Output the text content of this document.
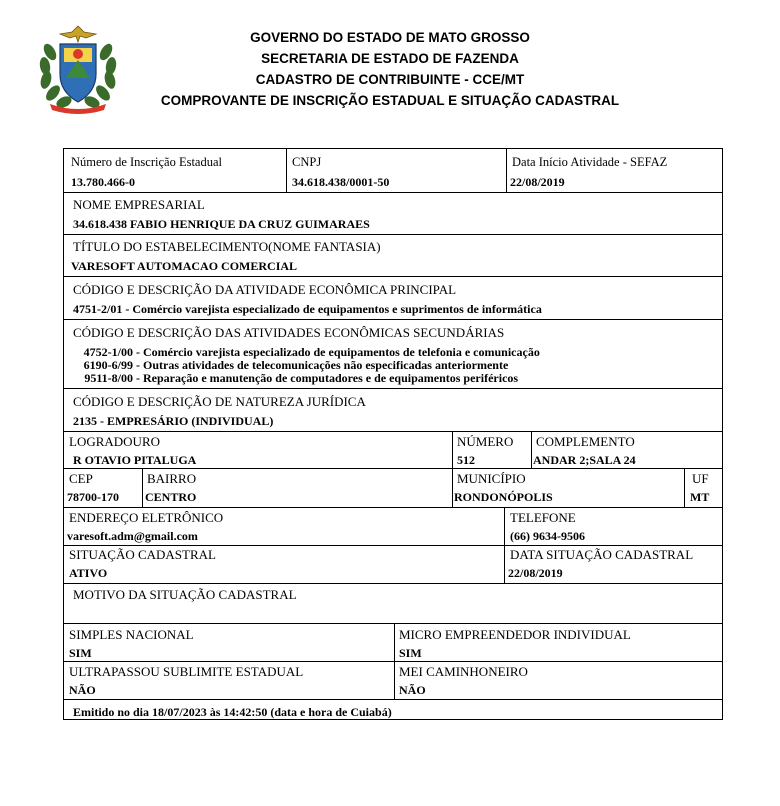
GOVERNO DO ESTADO DE MATO GROSSO
SECRETARIA DE ESTADO DE FAZENDA
CADASTRO DE CONTRIBUINTE - CCE/MT
COMPROVANTE DE INSCRIÇÃO ESTADUAL E SITUAÇÃO CADASTRAL
Número de Inscrição Estadual
13.780.466-0
CNPJ
34.618.438/0001-50
Data Início Atividade - SEFAZ
22/08/2019
NOME EMPRESARIAL
34.618.438 FABIO HENRIQUE DA CRUZ GUIMARAES
TÍTULO DO ESTABELECIMENTO(NOME FANTASIA)
VARESOFT AUTOMACAO COMERCIAL
CÓDIGO E DESCRIÇÃO DA ATIVIDADE ECONÔMICA PRINCIPAL
4751-2/01 - Comércio varejista especializado de equipamentos e suprimentos de informática
CÓDIGO E DESCRIÇÃO DAS ATIVIDADES ECONÔMICAS SECUNDÁRIAS
4752-1/00 - Comércio varejista especializado de equipamentos de telefonia e comunicação
6190-6/99 - Outras atividades de telecomunicações não especificadas anteriormente
9511-8/00 - Reparação e manutenção de computadores e de equipamentos periféricos
CÓDIGO E DESCRIÇÃO DE NATUREZA JURÍDICA
2135 - EMPRESÁRIO (INDIVIDUAL)
LOGRADOURO
R OTAVIO PITALUGA
NÚMERO
512
COMPLEMENTO
ANDAR 2;SALA 24
CEP
78700-170
BAIRRO
CENTRO
MUNICÍPIO
RONDONÓPOLIS
UF
MT
ENDEREÇO ELETRÔNICO
varesoft.adm@gmail.com
TELEFONE
(66) 9634-9506
SITUAÇÃO CADASTRAL
ATIVO
DATA SITUAÇÃO CADASTRAL
22/08/2019
MOTIVO DA SITUAÇÃO CADASTRAL
SIMPLES NACIONAL
SIM
MICRO EMPREENDEDOR INDIVIDUAL
SIM
ULTRAPASSOU SUBLIMITE ESTADUAL
NÃO
MEI CAMINHONEIRO
NÃO
Emitido no dia 18/07/2023 às 14:42:50 (data e hora de Cuiabá)
